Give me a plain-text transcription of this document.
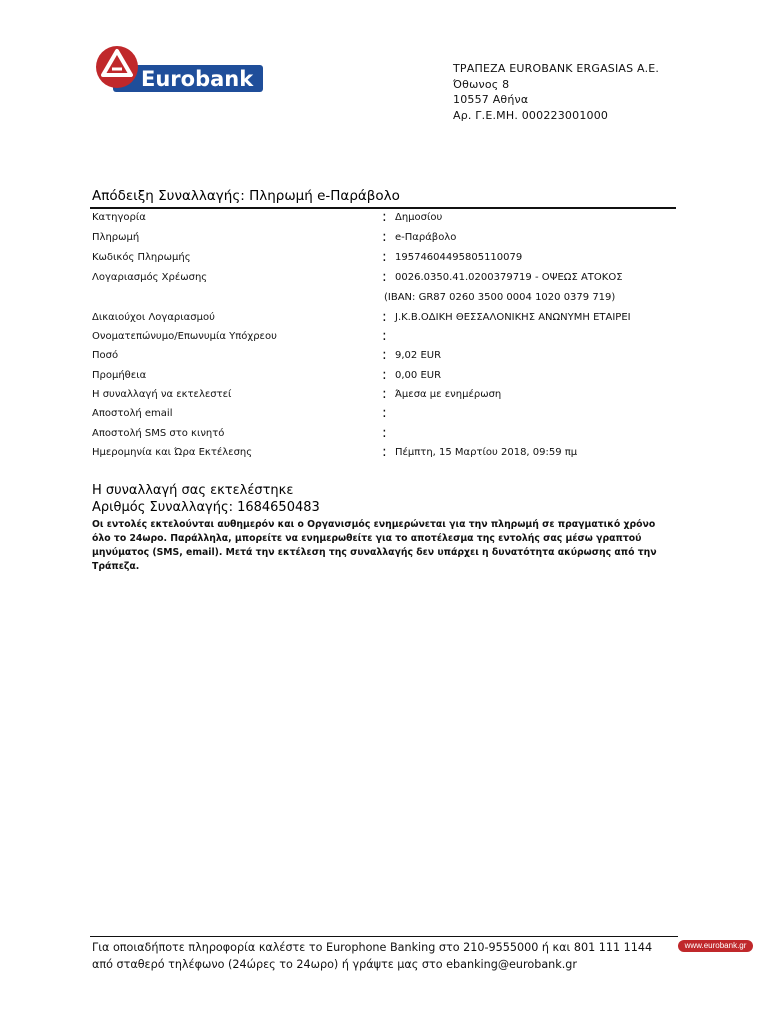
Eurobank	ΤΡΑΠΕΖΑ EUROBANK ERGASIAS A.E.
Όθωνος 8
10557 Αθήνα
Αρ. Γ.Ε.ΜΗ. 000223001000
Απόδειξη Συναλλαγής: Πληρωμή e-Παράβολο
Κατηγορία	: Δημοσίου
Πληρωμή	: e-Παράβολο
Κωδικός Πληρωμής	: 19574604495805110079
Λογαριασμός Χρέωσης	: 0026.0350.41.0200379719 - ΟΨΕΩΣ ΑΤΟΚΟΣ
(IBAN: GR87 0260 3500 0004 1020 0379 719)
Δικαιούχοι Λογαριασμού	: J.K.B.ΟΔΙΚΗ ΘΕΣΣΑΛΟΝΙΚΗΣ ΑΝΩΝΥΜΗ ΕΤΑΙΡΕΙ
Ονοματεπώνυμο/Επωνυμία Υπόχρεου	:
Ποσό	: 9,02 EUR
Προμήθεια	: 0,00 EUR
Η συναλλαγή να εκτελεστεί	: Άμεσα με ενημέρωση
Αποστολή email	:
Αποστολή SMS στο κινητό	:
Ημερομηνία και Ώρα Εκτέλεσης	: Πέμπτη, 15 Μαρτίου 2018, 09:59 πμ
Η συναλλαγή σας εκτελέστηκε
Αριθμός Συναλλαγής: 1684650483
Οι εντολές εκτελούνται αυθημερόν και ο Οργανισμός ενημερώνεται για την πληρωμή σε πραγματικό χρόνο όλο το 24ωρο. Παράλληλα, μπορείτε να ενημερωθείτε για το αποτέλεσμα της εντολής σας μέσω γραπτού μηνύματος (SMS, email). Μετά την εκτέλεση της συναλλαγής δεν υπάρχει η δυνατότητα ακύρωσης από την Τράπεζα.
Για οποιαδήποτε πληροφορία καλέστε το Europhone Banking στο 210-9555000 ή και 801 111 1144
από σταθερό τηλέφωνο (24ώρες το 24ωρο) ή γράψτε μας στο ebanking@eurobank.gr
www.eurobank.gr
